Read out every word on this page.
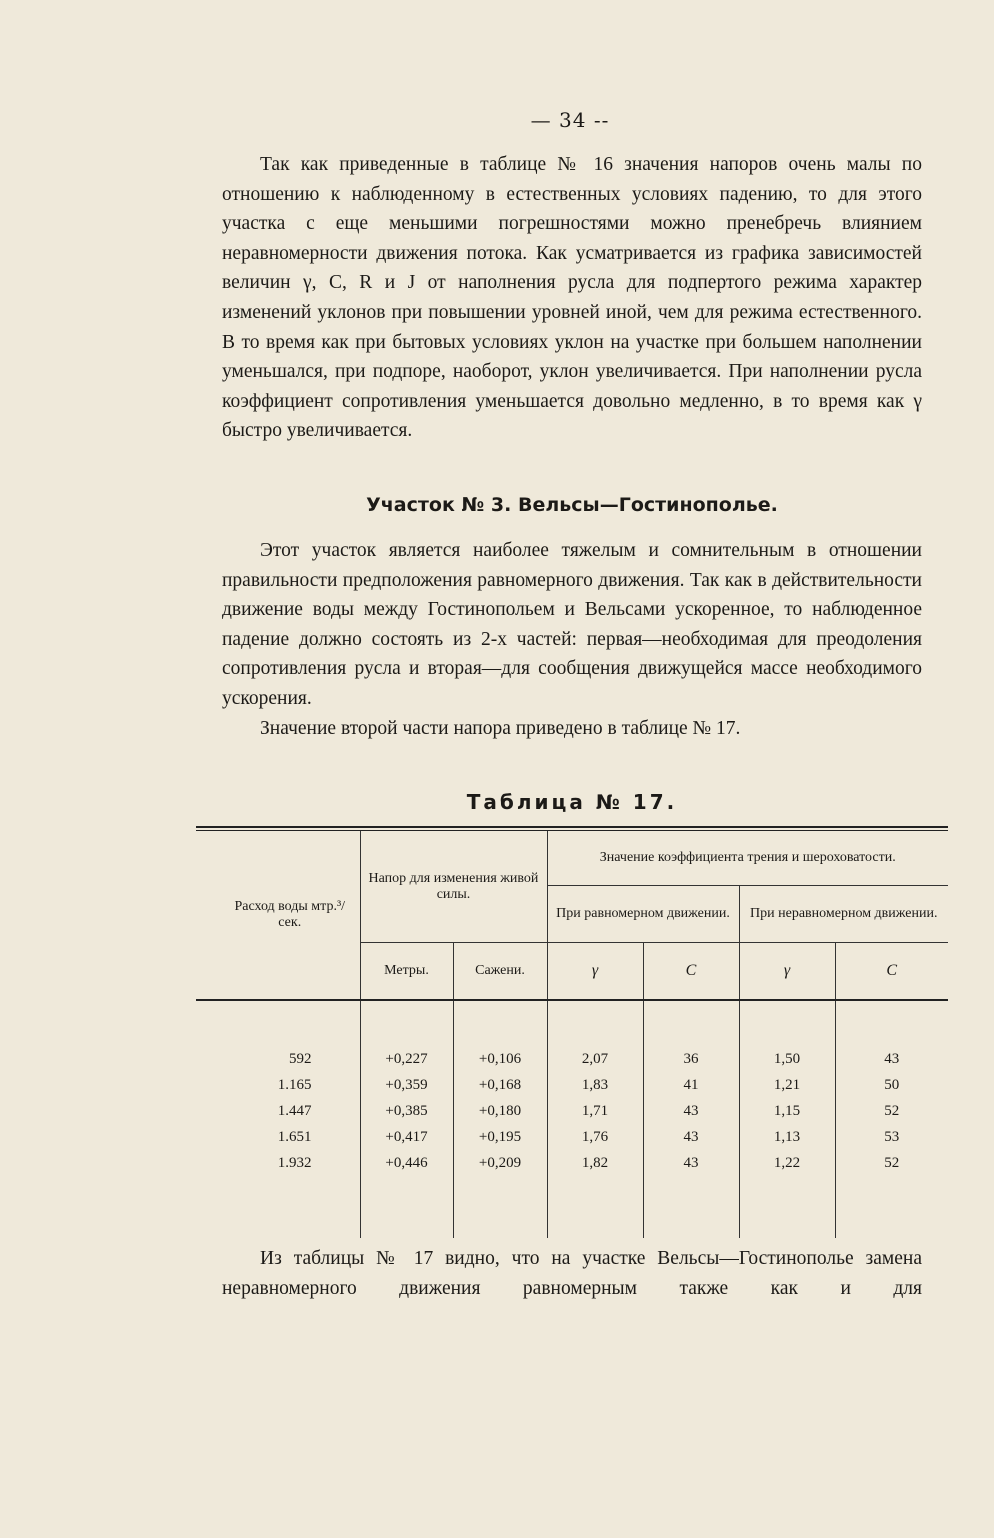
— 34 --

Так как приведенные в таблице № 16 значения напоров очень малы по отношению к наблюденному в естественных условиях падению, то для этого участка с еще меньшими погрешностями можно пренебречь влиянием неравномерности движения потока. Как усматривается из графика зависимостей величин γ, C, R и J от наполнения русла для подпертого режима характер изменений уклонов при повышении уровней иной, чем для режима естественного. В то время как при бытовых условиях уклон на участке при большем наполнении уменьшался, при подпоре, наоборот, уклон увеличивается. При наполнении русла коэффициент сопротивления уменьшается довольно медленно, в то время как γ быстро увеличивается.

Участок № 3. Вельсы—Гостинополье.

Этот участок является наиболее тяжелым и сомнительным в отношении правильности предположения равномерного движения. Так как в действительности движение воды между Гостинопольем и Вельсами ускоренное, то наблюденное падение должно состоять из 2-х частей: первая—необходимая для преодоления сопротивления русла и вторая—для сообщения движущейся массе необходимого ускорения.

Значение второй части напора приведено в таблице № 17.

Таблица № 17.
Расход воды мтр.³/сек.	Напор для изменения живой силы.		Значение коэффициента трения и шероховатости.			
			При равномерном движении.		При неравномерном движении.	
	Метры.	Сажени.	γ	C	γ	C

592	+0,227	+0,106	2,07	36	1,50	43
1.165	+0,359	+0,168	1,83	41	1,21	50
1.447	+0,385	+0,180	1,71	43	1,15	52
1.651	+0,417	+0,195	1,76	43	1,13	53
1.932	+0,446	+0,209	1,82	43	1,22	52

Из таблицы № 17 видно, что на участке Вельсы—Гостинополье замена неравномерного движения равномерным также как и для
